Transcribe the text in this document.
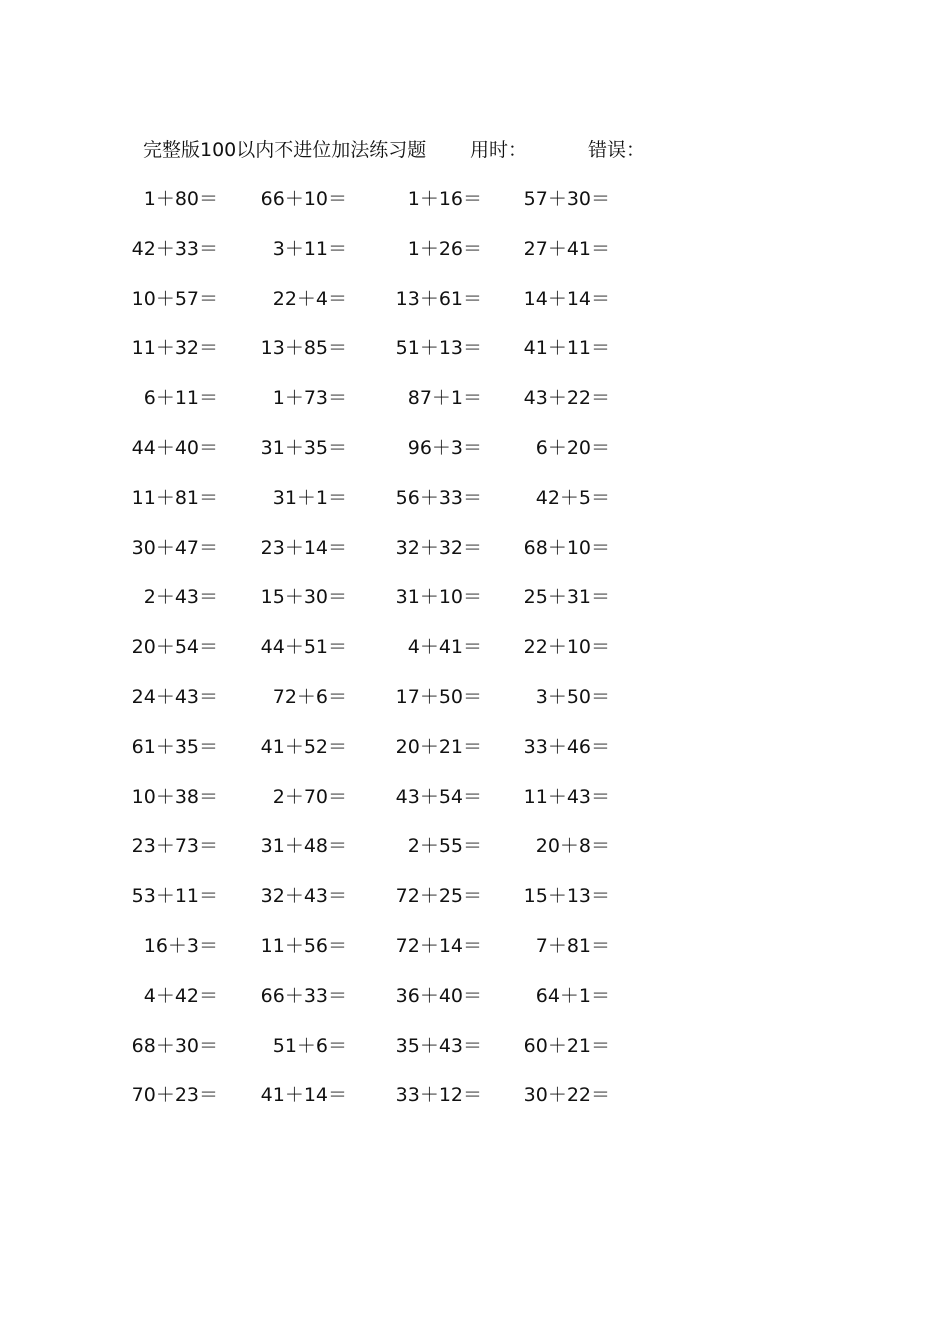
完整版100以内不进位加法练习题 用时：	错误：
1＋80＝ 66＋10＝	1＋16＝ 57＋30＝
42＋33＝	3＋11＝	1＋26＝ 27＋41＝
10＋57＝	22＋4＝	13＋61＝ 14＋14＝
11＋32＝ 13＋85＝	51＋13＝ 41＋11＝
6＋11＝	1＋73＝	87＋1＝ 43＋22＝
44＋40＝ 31＋35＝	96＋3＝	6＋20＝
11＋81＝	31＋1＝	56＋33＝	42＋5＝
30＋47＝ 23＋14＝	32＋32＝ 68＋10＝
2＋43＝ 15＋30＝	31＋10＝ 25＋31＝
20＋54＝ 44＋51＝	4＋41＝ 22＋10＝
24＋43＝	72＋6＝	17＋50＝	3＋50＝
61＋35＝ 41＋52＝	20＋21＝ 33＋46＝
10＋38＝	2＋70＝	43＋54＝ 11＋43＝
23＋73＝ 31＋48＝	2＋55＝	20＋8＝
53＋11＝ 32＋43＝	72＋25＝ 15＋13＝
16＋3＝ 11＋56＝	72＋14＝	7＋81＝
4＋42＝ 66＋33＝	36＋40＝	64＋1＝
68＋30＝	51＋6＝	35＋43＝ 60＋21＝
70＋23＝ 41＋14＝	33＋12＝ 30＋22＝
